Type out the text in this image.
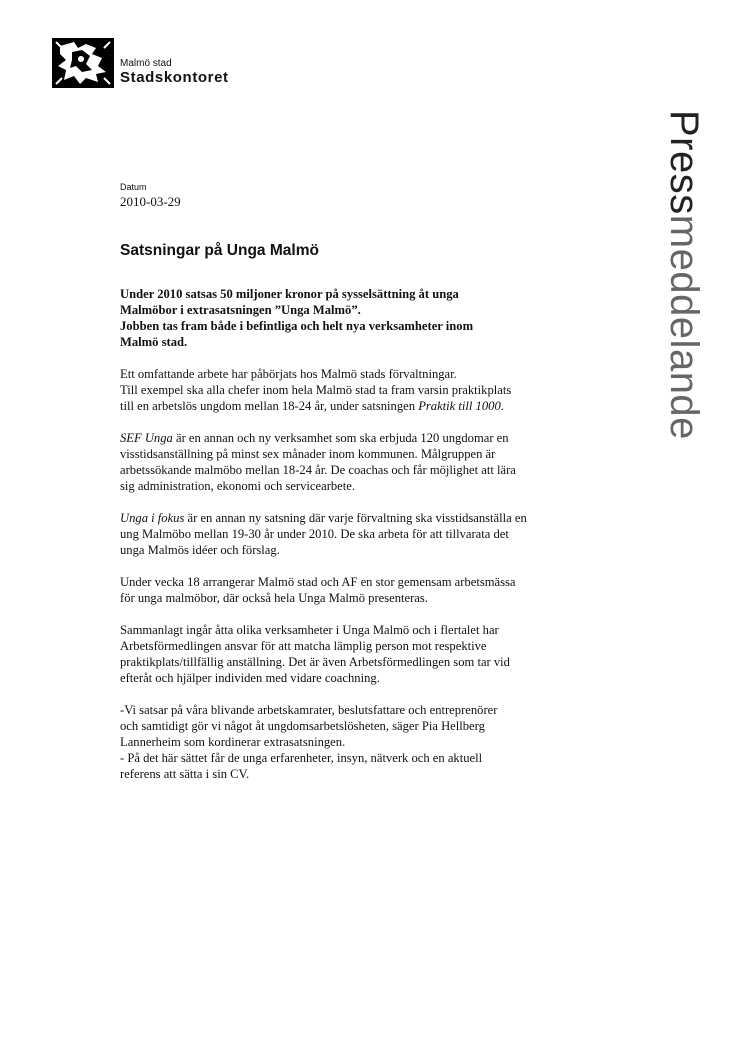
Malmö stad
Stadskontoret
Pressmeddelande
Datum
2010-03-29
Satsningar på Unga Malmö

Under 2010 satsas 50 miljoner kronor på sysselsättning åt unga
Malmöbor i extrasatsningen ”Unga Malmö”.
Jobben tas fram både i befintliga och helt nya verksamheter inom
Malmö stad.

Ett omfattande arbete har påbörjats hos Malmö stads förvaltningar.
Till exempel ska alla chefer inom hela Malmö stad ta fram varsin praktikplats
till en arbetslös ungdom mellan 18-24 år, under satsningen Praktik till 1000.

SEF Unga är en annan och ny verksamhet som ska erbjuda 120 ungdomar en
visstidsanställning på minst sex månader inom kommunen. Målgruppen är
arbetssökande malmöbo mellan 18-24 år. De coachas och får möjlighet att lära
sig administration, ekonomi och servicearbete.

Unga i fokus är en annan ny satsning där varje förvaltning ska visstidsanställa en
ung Malmöbo mellan 19-30 år under 2010. De ska arbeta för att tillvarata det
unga Malmös idéer och förslag.

Under vecka 18 arrangerar Malmö stad och AF en stor gemensam arbetsmässa
för unga malmöbor, där också hela Unga Malmö presenteras.

Sammanlagt ingår åtta olika verksamheter i Unga Malmö och i flertalet har
Arbetsförmedlingen ansvar för att matcha lämplig person mot respektive
praktikplats/tillfällig anställning. Det är även Arbetsförmedlingen som tar vid
efteråt och hjälper individen med vidare coachning.

-Vi satsar på våra blivande arbetskamrater, beslutsfattare och entreprenörer
och samtidigt gör vi något åt ungdomsarbetslösheten, säger Pia Hellberg
Lannerheim som kordinerar extrasatsningen.
- På det här sättet får de unga erfarenheter, insyn, nätverk och en aktuell
referens att sätta i sin CV.
